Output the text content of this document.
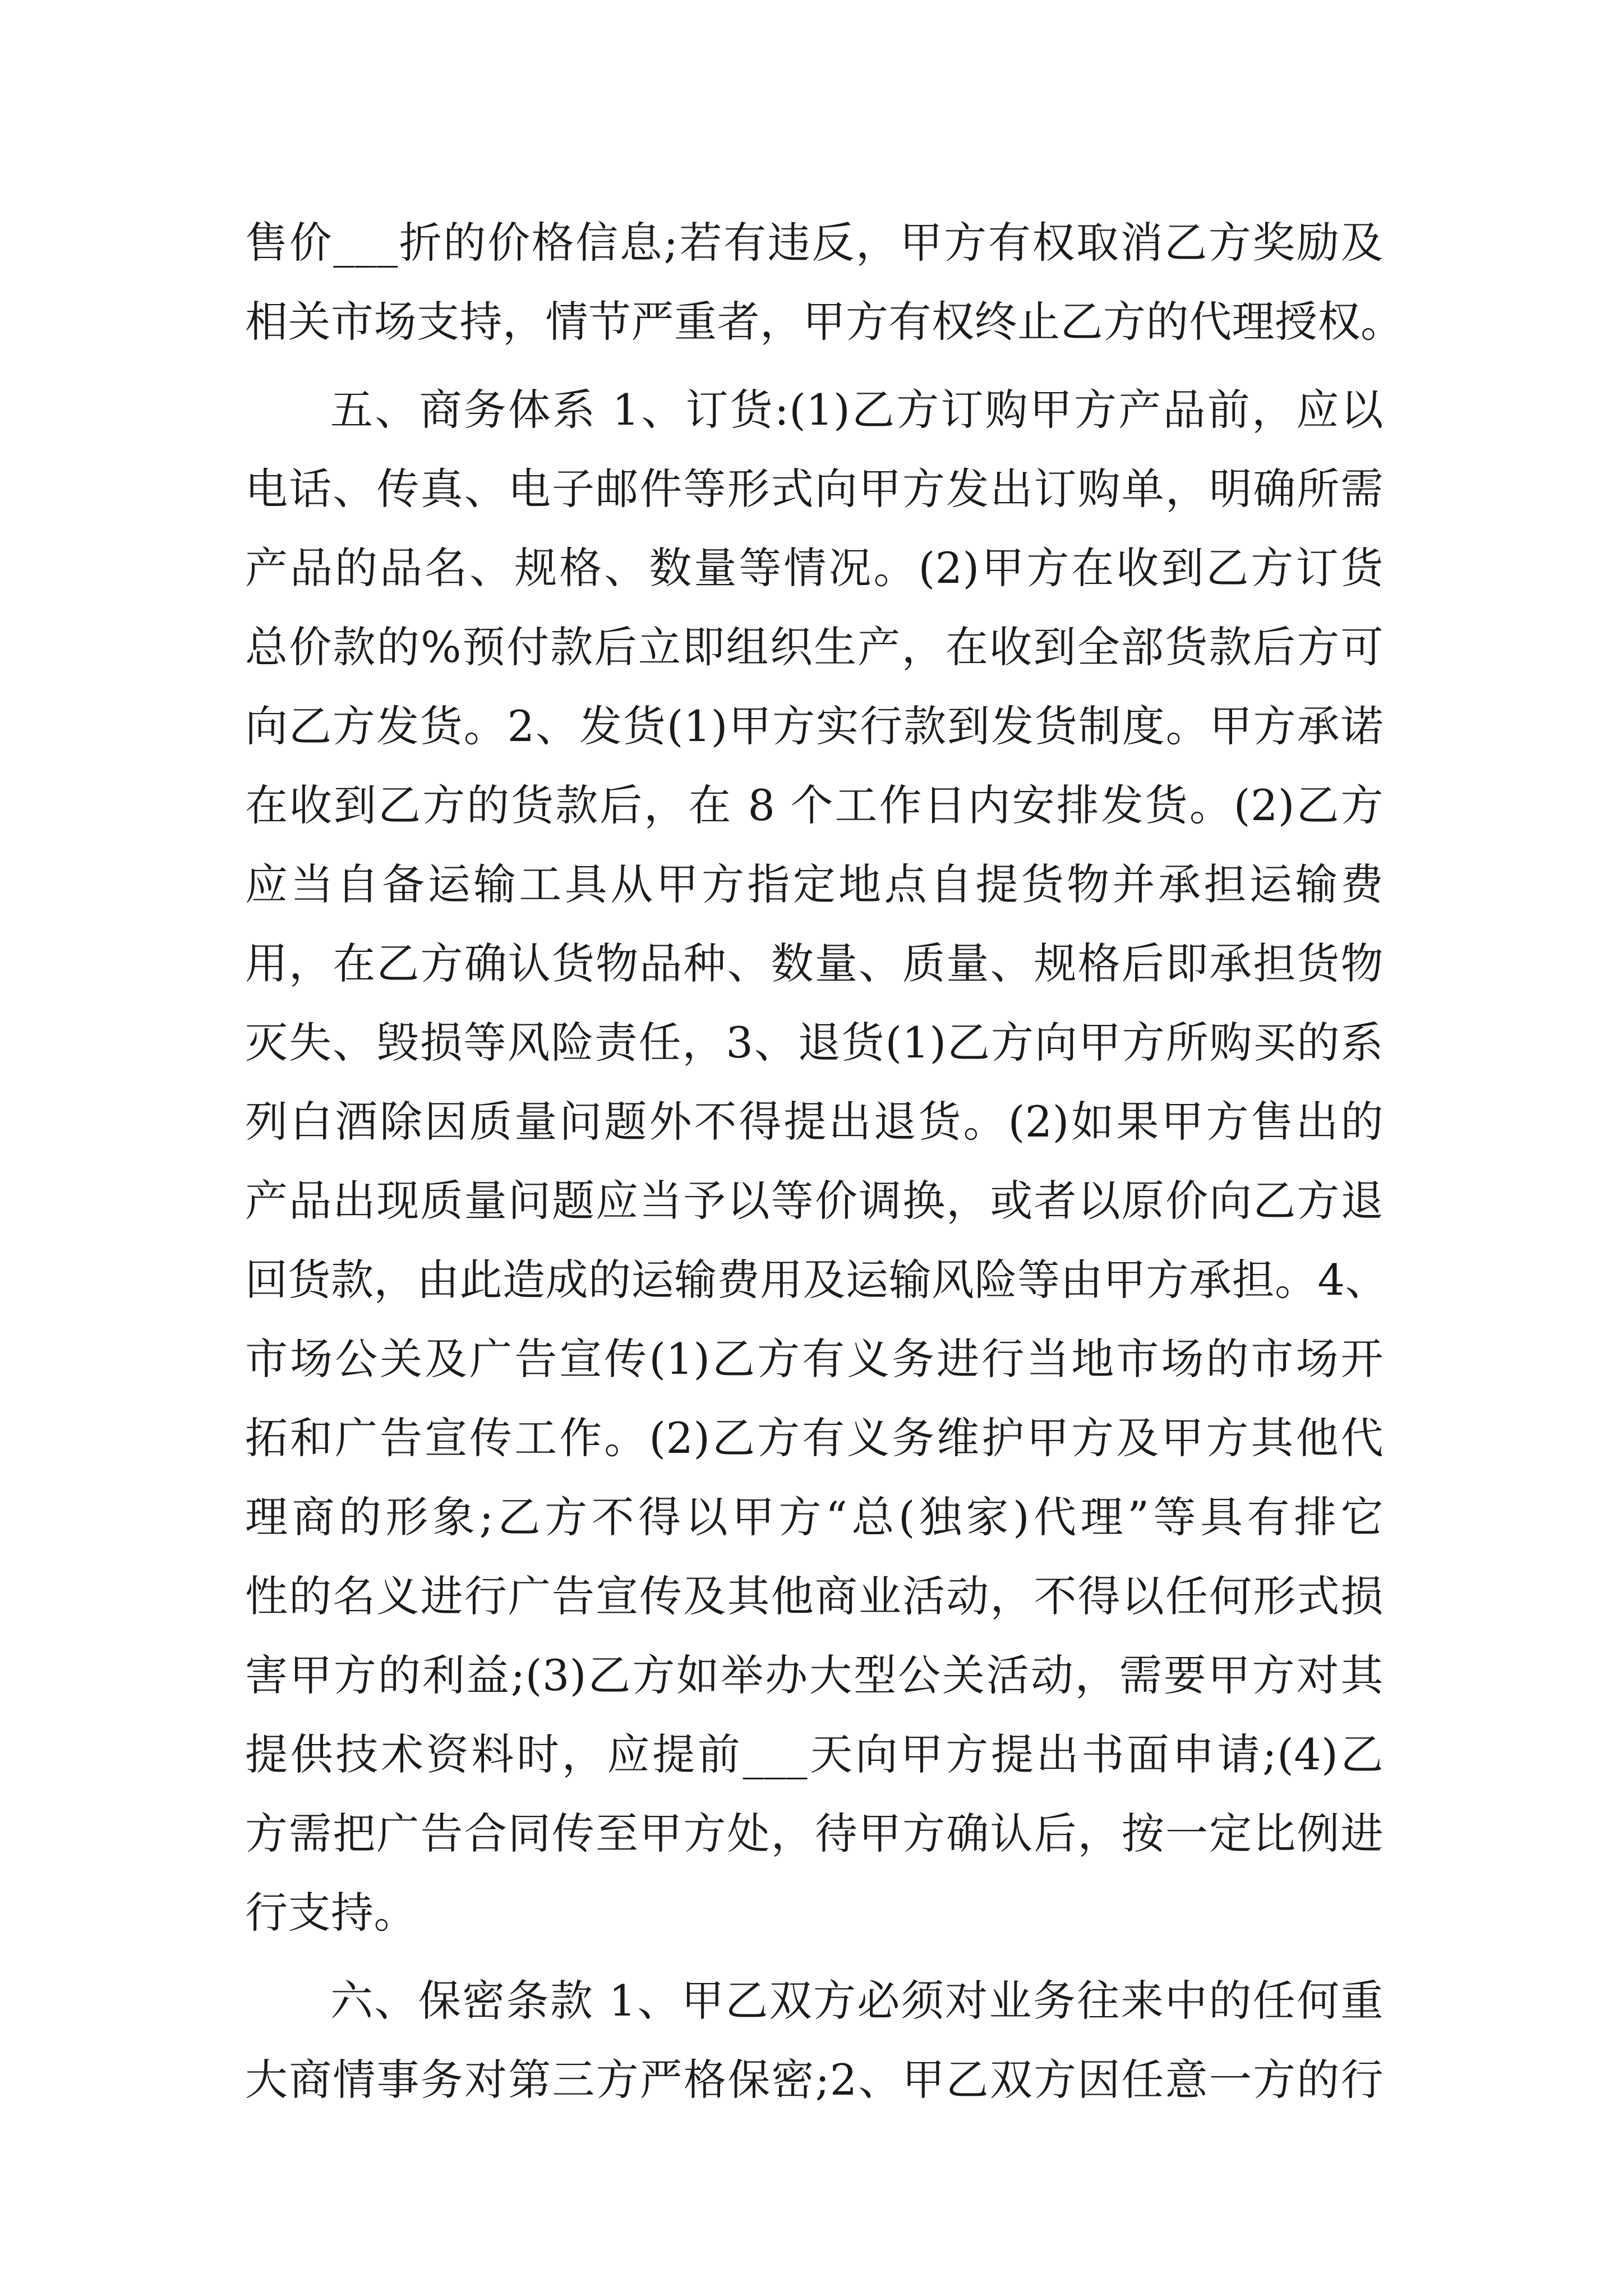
售价___折的价格信息;若有违反，甲方有权取消乙方奖励及
相关市场支持，情节严重者，甲方有权终止乙方的代理授权。
五、商务体系 1、订货:(1)乙方订购甲方产品前，应以
电话、传真、电子邮件等形式向甲方发出订购单，明确所需
产品的品名、规格、数量等情况。(2)甲方在收到乙方订货
总价款的%预付款后立即组织生产，在收到全部货款后方可
向乙方发货。2、发货(1)甲方实行款到发货制度。甲方承诺
在收到乙方的货款后，在 8 个工作日内安排发货。(2)乙方
应当自备运输工具从甲方指定地点自提货物并承担运输费
用，在乙方确认货物品种、数量、质量、规格后即承担货物
灭失、毁损等风险责任，3、退货(1)乙方向甲方所购买的系
列白酒除因质量问题外不得提出退货。(2)如果甲方售出的
产品出现质量问题应当予以等价调换，或者以原价向乙方退
回货款，由此造成的运输费用及运输风险等由甲方承担。4、
市场公关及广告宣传(1)乙方有义务进行当地市场的市场开
拓和广告宣传工作。(2)乙方有义务维护甲方及甲方其他代
理商的形象;乙方不得以甲方“总(独家)代理”等具有排它
性的名义进行广告宣传及其他商业活动，不得以任何形式损
害甲方的利益;(3)乙方如举办大型公关活动，需要甲方对其
提供技术资料时，应提前___天向甲方提出书面申请;(4)乙
方需把广告合同传至甲方处，待甲方确认后，按一定比例进
行支持。
六、保密条款 1、甲乙双方必须对业务往来中的任何重
大商情事务对第三方严格保密;2、甲乙双方因任意一方的行
